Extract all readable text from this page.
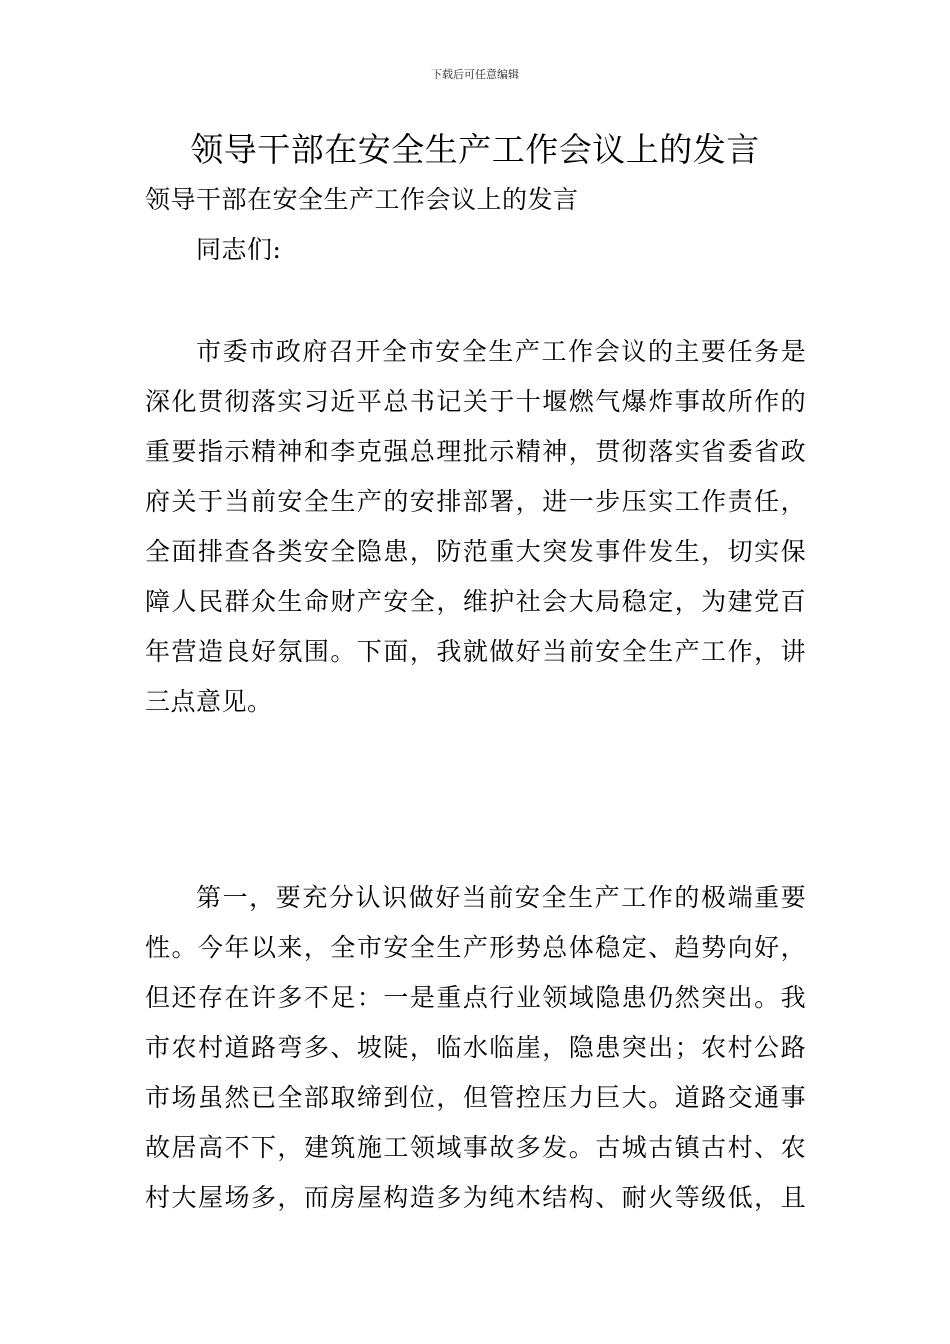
下载后可任意编辑
领导干部在安全生产工作会议上的发言
领导干部在安全生产工作会议上的发言
同志们:
市 委 市 政 府 召 开 全 市 安 全 生 产 工 作 会 议 的 主 要 任 务 是
深 化 贯 彻 落 实 习 近 平 总 书 记 关 于 十 堰 燃 气 爆 炸 事 故 所 作 的
重 要 指 示 精 神 和 李 克 强 总 理 批 示 精 神 ， 贯 彻 落 实 省 委 省 政
府 关 于 当 前 安 全 生 产 的 安 排 部 署 ， 进 一 步 压 实 工 作 责 任 ，
全 面 排 查 各 类 安 全 隐 患 ， 防 范 重 大 突 发 事 件 发 生 ， 切 实 保
障 人 民 群 众 生 命 财 产 安 全 ， 维 护 社 会 大 局 稳 定 ， 为 建 党 百
年 营 造 良 好 氛 围 。 下 面 ， 我 就 做 好 当 前 安 全 生 产 工 作 ， 讲
三点意见。
第 一 ， 要 充 分 认 识 做 好 当 前 安 全 生 产 工 作 的 极 端 重 要
性 。 今 年 以 来 ， 全 市 安 全 生 产 形 势 总 体 稳 定 、 趋 势 向 好 ，
但 还 存 在 许 多 不 足 ： 一 是 重 点 行 业 领 域 隐 患 仍 然 突 出 。 我
市 农 村 道 路 弯 多 、 坡 陡 ， 临 水 临 崖 ， 隐 患 突 出 ； 农 村 公 路
市 场 虽 然 已 全 部 取 缔 到 位 ， 但 管 控 压 力 巨 大 。 道 路 交 通 事
故 居 高 不 下 ， 建 筑 施 工 领 域 事 故 多 发 。 古 城 古 镇 古 村 、 农
村 大 屋 场 多 ， 而 房 屋 构 造 多 为 纯 木 结 构 、 耐 火 等 级 低 ， 且
